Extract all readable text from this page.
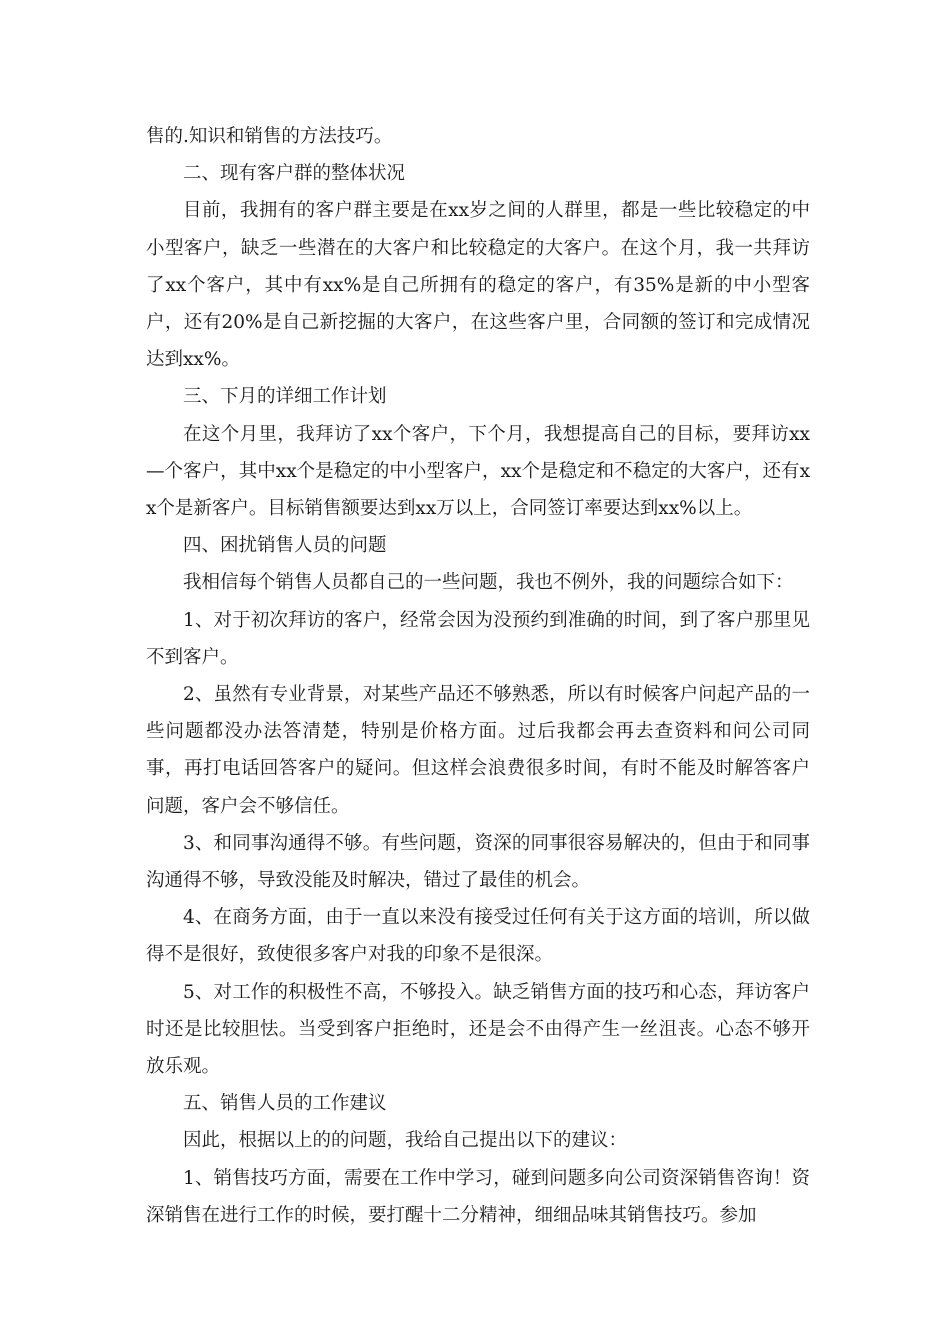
售的.知识和销售的方法技巧。

二、现有客户群的整体状况

目前，我拥有的客户群主要是在xx岁之间的人群里，都是一些比较稳定的中小型客户，缺乏一些潜在的大客户和比较稳定的大客户。在这个月，我一共拜访了xx个客户，其中有xx%是自己所拥有的稳定的客户，有35%是新的中小型客户，还有20%是自己新挖掘的大客户，在这些客户里，合同额的签订和完成情况达到xx%。

三、下月的详细工作计划

在这个月里，我拜访了xx个客户，下个月，我想提高自己的目标，要拜访xx—个客户，其中xx个是稳定的中小型客户，xx个是稳定和不稳定的大客户，还有xx个是新客户。目标销售额要达到xx万以上，合同签订率要达到xx%以上。

四、困扰销售人员的问题

我相信每个销售人员都自己的一些问题，我也不例外，我的问题综合如下：

1、对于初次拜访的客户，经常会因为没预约到准确的时间，到了客户那里见不到客户。

2、虽然有专业背景，对某些产品还不够熟悉，所以有时候客户问起产品的一些问题都没办法答清楚，特别是价格方面。过后我都会再去查资料和问公司同事，再打电话回答客户的疑问。但这样会浪费很多时间，有时不能及时解答客户问题，客户会不够信任。

3、和同事沟通得不够。有些问题，资深的同事很容易解决的，但由于和同事沟通得不够，导致没能及时解决，错过了最佳的机会。

4、在商务方面，由于一直以来没有接受过任何有关于这方面的培训，所以做得不是很好，致使很多客户对我的印象不是很深。

5、对工作的积极性不高，不够投入。缺乏销售方面的技巧和心态，拜访客户时还是比较胆怯。当受到客户拒绝时，还是会不由得产生一丝沮丧。心态不够开放乐观。

五、销售人员的工作建议

因此，根据以上的的问题，我给自己提出以下的建议：

1、销售技巧方面，需要在工作中学习，碰到问题多向公司资深销售咨询！资深销售在进行工作的时候，要打醒十二分精神，细细品味其销售技巧。参加
